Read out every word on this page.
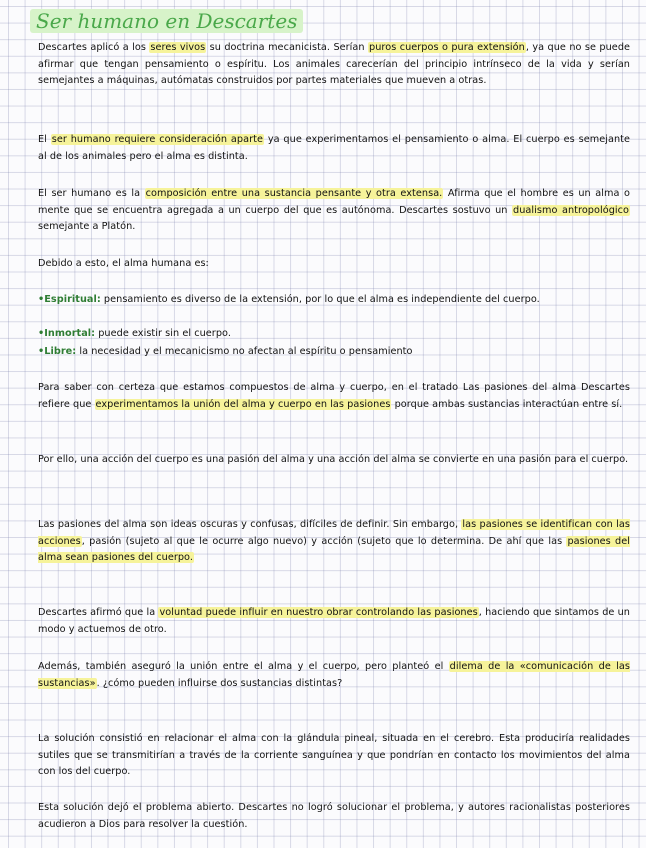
Ser humano en Descartes

Descartes aplicó a los seres vivos su doctrina mecanicista. Serían puros cuerpos o pura extensión, ya que no se puede afirmar que tengan pensamiento o espíritu. Los animales carecerían del principio intrínseco de la vida y serían semejantes a máquinas, autómatas construidos por partes materiales que mueven a otras.

El ser humano requiere consideración aparte ya que experimentamos el pensamiento o alma. El cuerpo es semejante al de los animales pero el alma es distinta.

El ser humano es la composición entre una sustancia pensante y otra extensa. Afirma que el hombre es un alma o mente que se encuentra agregada a un cuerpo del que es autónoma. Descartes sostuvo un dualismo antropológico semejante a Platón.

Debido a esto, el alma humana es:

•Espiritual: pensamiento es diverso de la extensión, por lo que el alma es independiente del cuerpo.

•Inmortal: puede existir sin el cuerpo.

•Libre: la necesidad y el mecanicismo no afectan al espíritu o pensamiento

Para saber con certeza que estamos compuestos de alma y cuerpo, en el tratado Las pasiones del alma Descartes refiere que experimentamos la unión del alma y cuerpo en las pasiones porque ambas sustancias interactúan entre sí.

Por ello, una acción del cuerpo es una pasión del alma y una acción del alma se convierte en una pasión para el cuerpo.

Las pasiones del alma son ideas oscuras y confusas, difíciles de definir. Sin embargo, las pasiones se identifican con las acciones, pasión (sujeto al que le ocurre algo nuevo) y acción (sujeto que lo determina. De ahí que las pasiones del alma sean pasiones del cuerpo.

Descartes afirmó que la voluntad puede influir en nuestro obrar controlando las pasiones, haciendo que sintamos de un modo y actuemos de otro.

Además, también aseguró la unión entre el alma y el cuerpo, pero planteó el dilema de la «comunicación de las sustancias». ¿cómo pueden influirse dos sustancias distintas?

La solución consistió en relacionar el alma con la glándula pineal, situada en el cerebro. Esta produciría realidades sutiles que se transmitirían a través de la corriente sanguínea y que pondrían en contacto los movimientos del alma con los del cuerpo.

Esta solución dejó el problema abierto. Descartes no logró solucionar el problema, y autores racionalistas posteriores acudieron a Dios para resolver la cuestión.
